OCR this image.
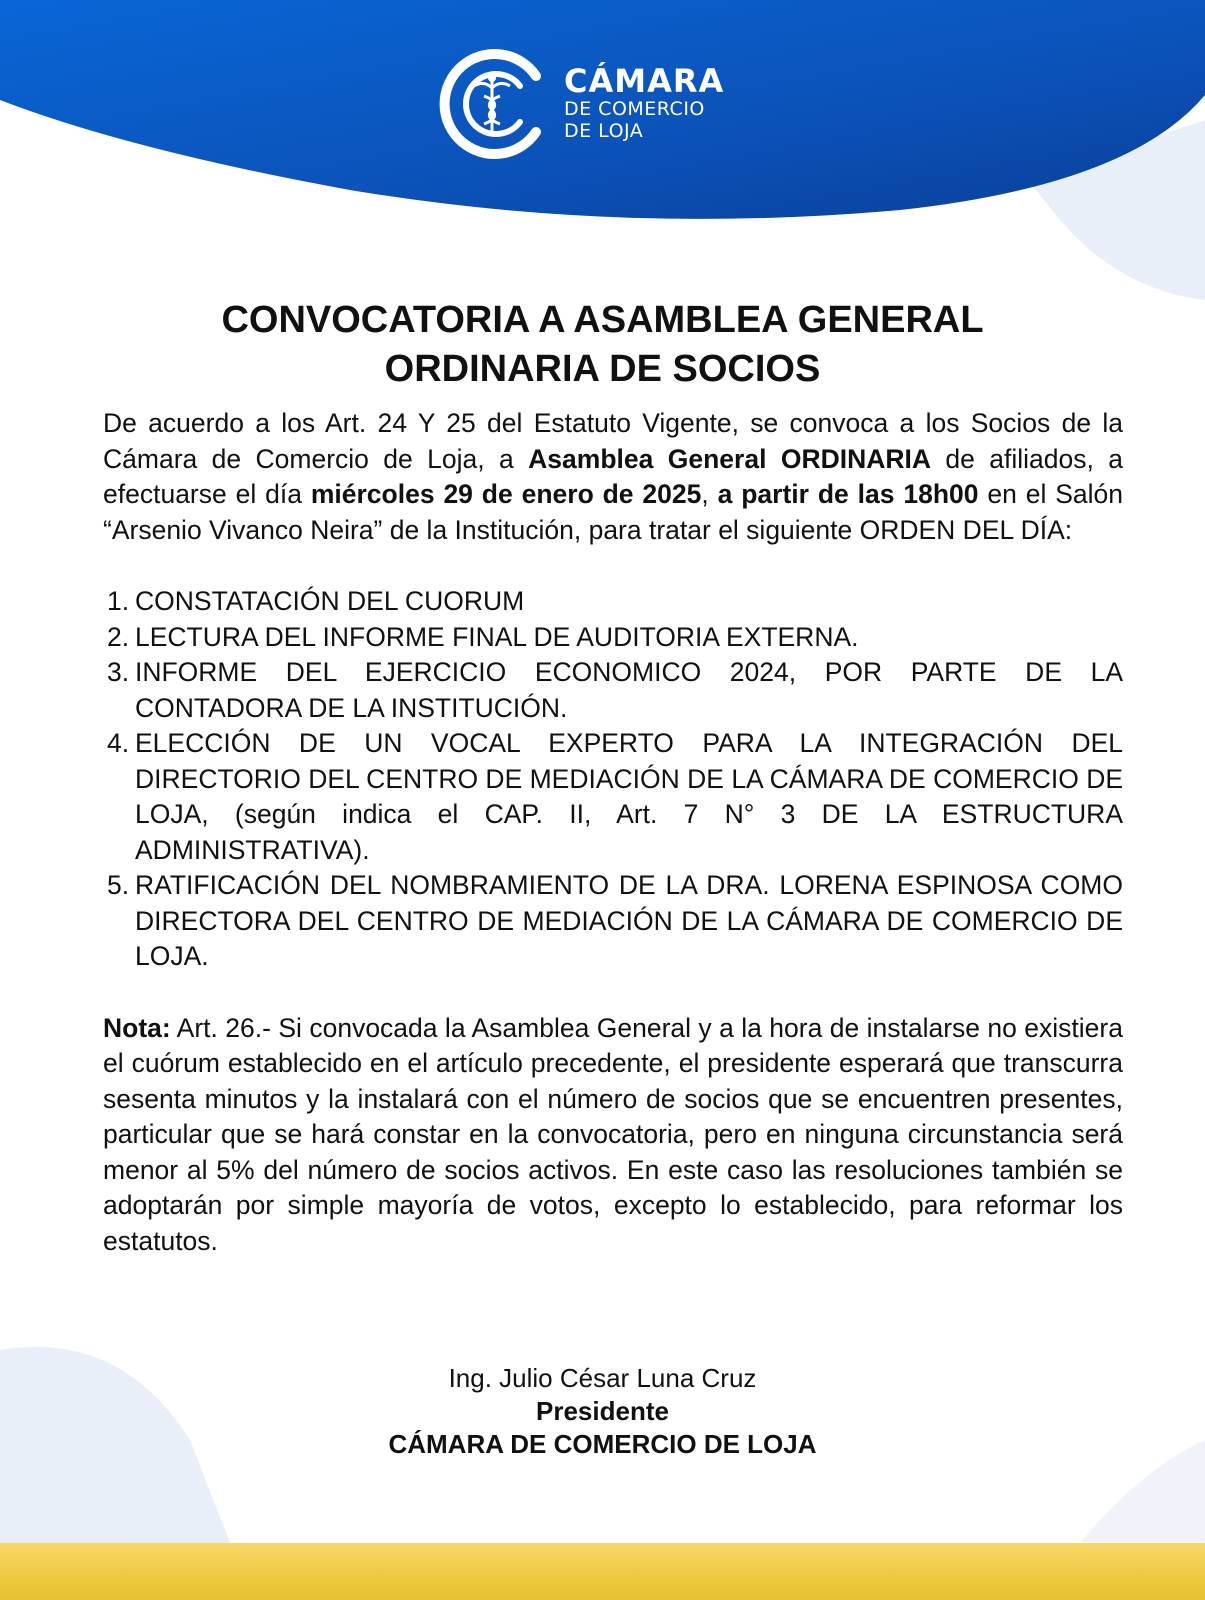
CÁMARA
DE COMERCIO
DE LOJA
CONVOCATORIA A ASAMBLEA GENERAL
ORDINARIA DE SOCIOS

De acuerdo a los Art. 24 Y 25 del Estatuto Vigente, se convoca a los Socios de la Cámara de Comercio de Loja, a Asamblea General ORDINARIA de afiliados, a efectuarse el día miércoles 29 de enero de 2025, a partir de las 18h00 en el Salón “Arsenio Vivanco Neira” de la Institución, para tratar el siguiente ORDEN DEL DÍA:

1. CONSTATACIÓN DEL CUORUM
2. LECTURA DEL INFORME FINAL DE AUDITORIA EXTERNA.
3. INFORME DEL EJERCICIO ECONOMICO 2024, POR PARTE DE LA CONTADORA DE LA INSTITUCIÓN.
4. ELECCIÓN DE UN VOCAL EXPERTO PARA LA INTEGRACIÓN DEL DIRECTORIO DEL CENTRO DE MEDIACIÓN DE LA CÁMARA DE COMERCIO DE LOJA, (según indica el CAP. II, Art. 7 N° 3 DE LA ESTRUCTURA ADMINISTRATIVA).
5. RATIFICACIÓN DEL NOMBRAMIENTO DE LA DRA. LORENA ESPINOSA COMO DIRECTORA DEL CENTRO DE MEDIACIÓN DE LA CÁMARA DE COMERCIO DE LOJA.

Nota: Art. 26.- Si convocada la Asamblea General y a la hora de instalarse no existiera el cuórum establecido en el artículo precedente, el presidente esperará que transcurra sesenta minutos y la instalará con el número de socios que se encuentren presentes, particular que se hará constar en la convocatoria, pero en ninguna circunstancia será menor al 5% del número de socios activos. En este caso las resoluciones también se adoptarán por simple mayoría de votos, excepto lo establecido, para reformar los estatutos.

Ing. Julio César Luna Cruz
Presidente
CÁMARA DE COMERCIO DE LOJA
